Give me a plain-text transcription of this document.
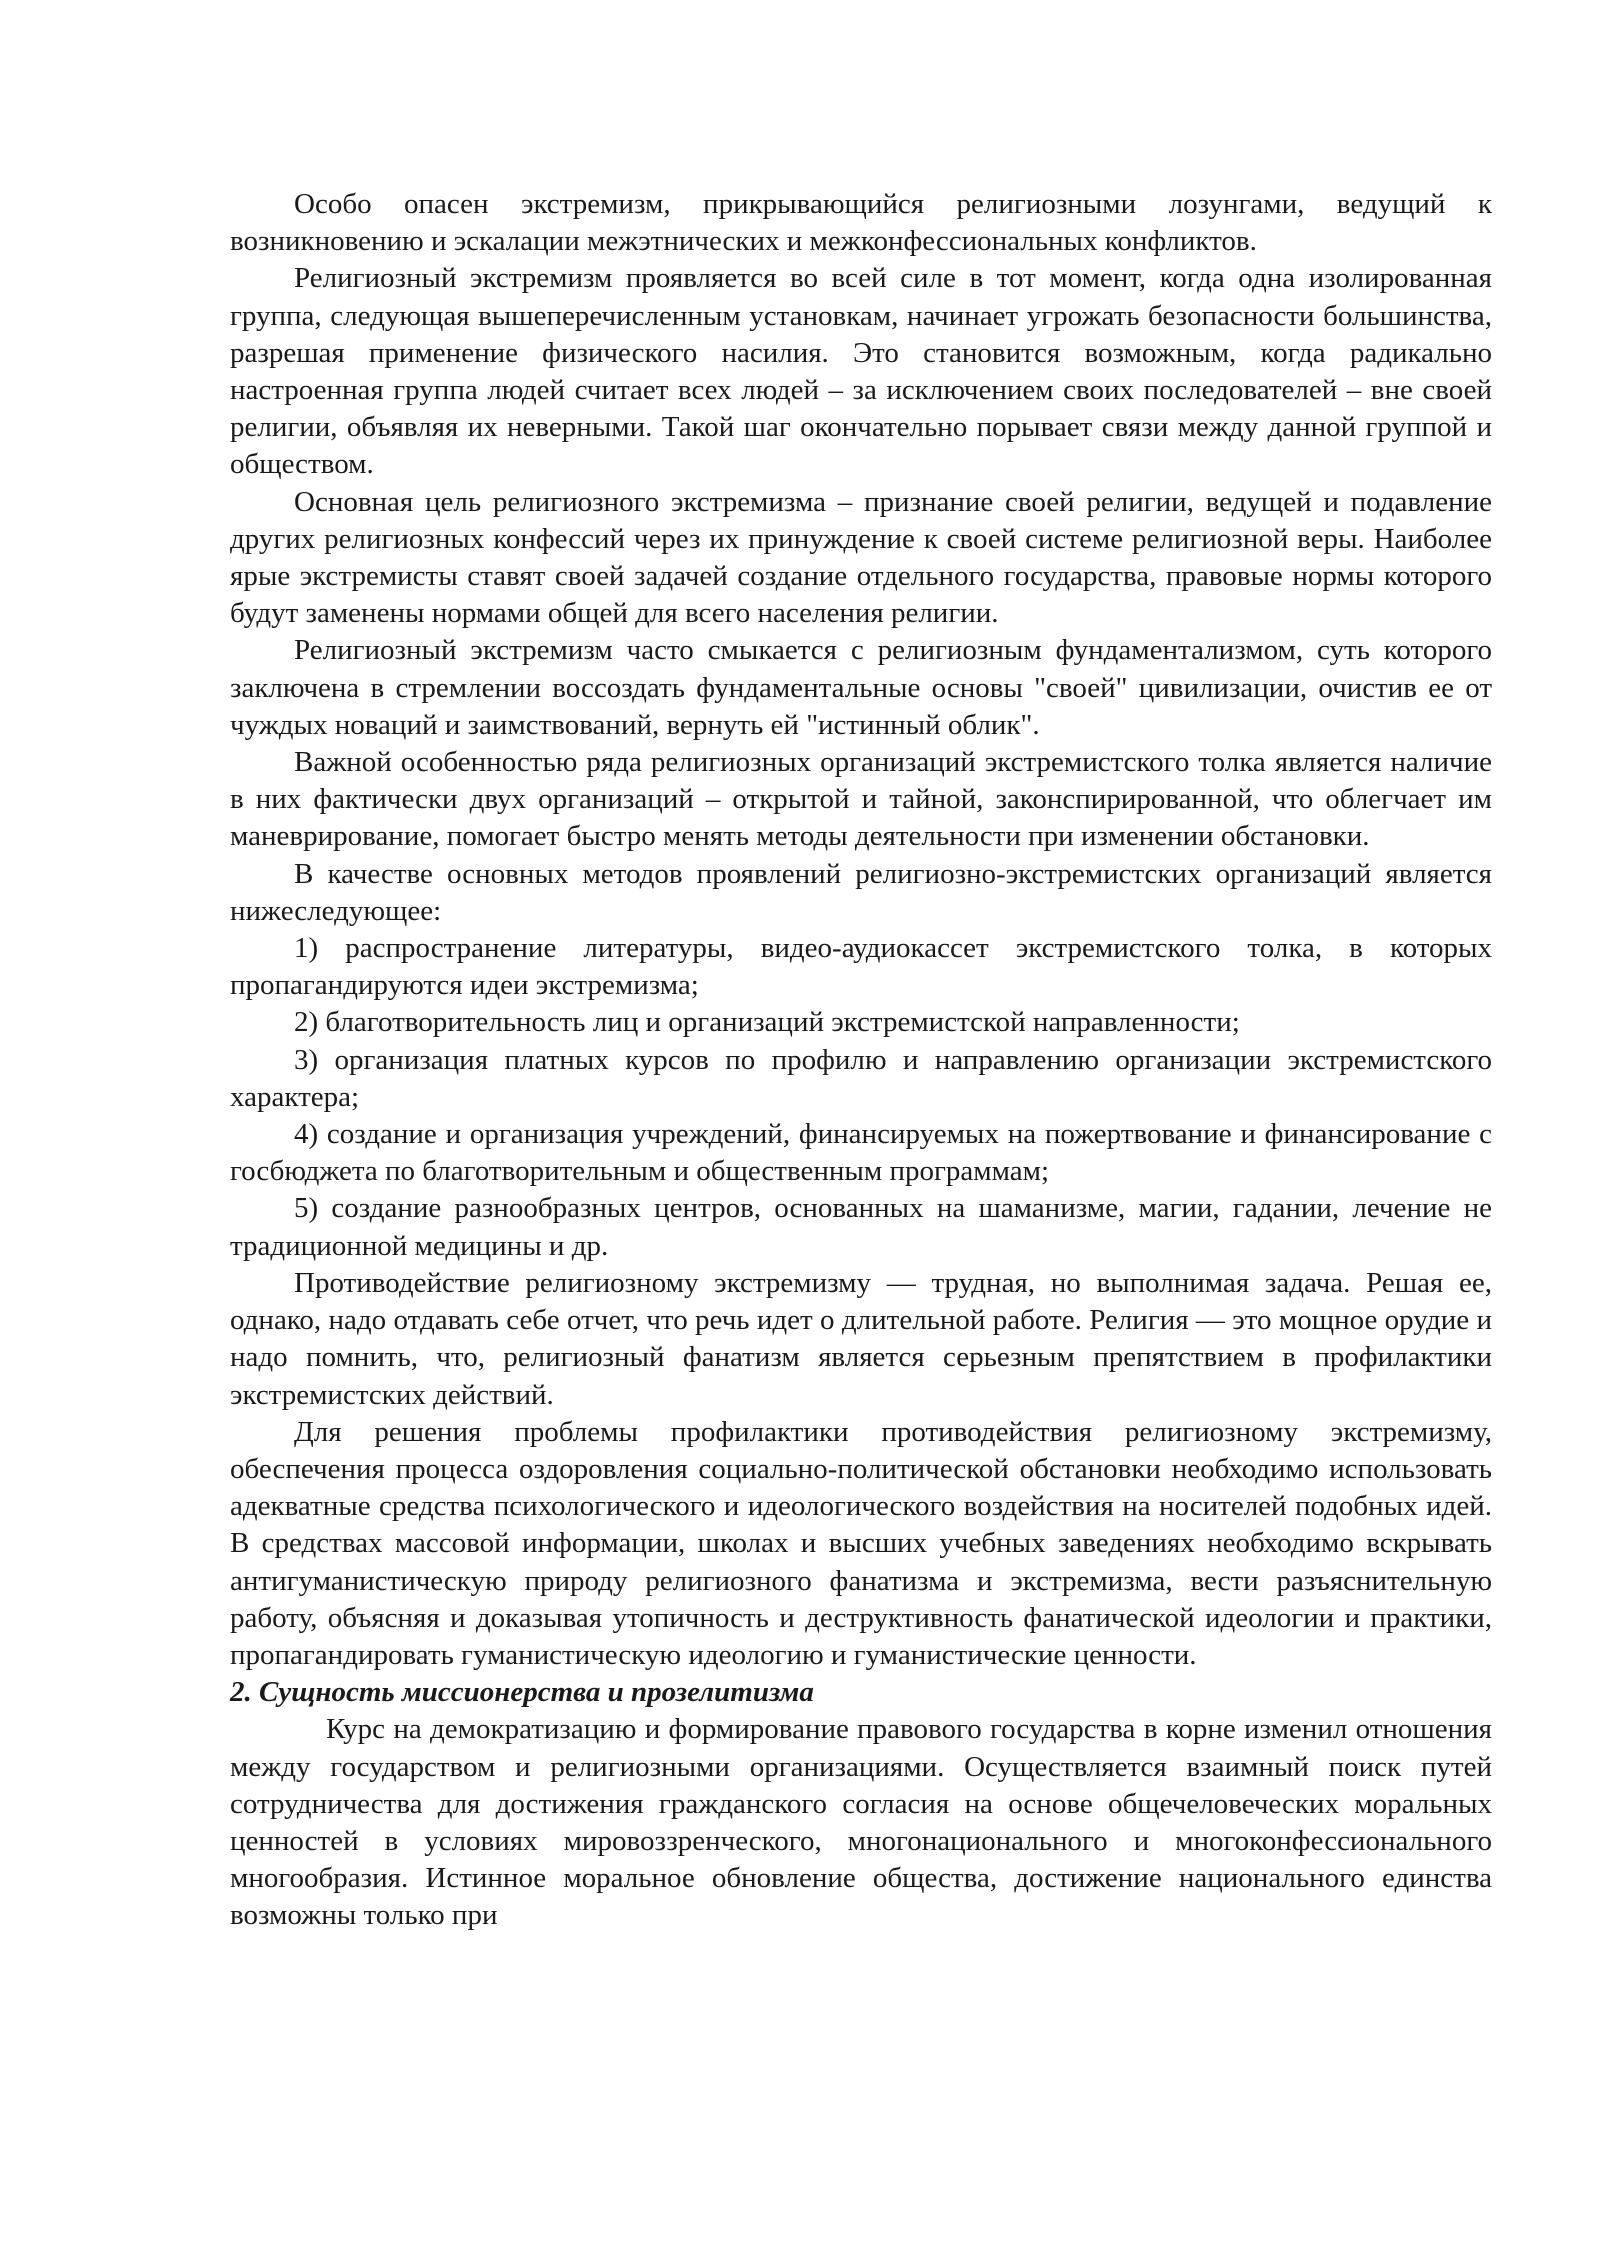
Особо опасен экстремизм, прикрывающийся религиозными лозунгами, ведущий к возникновению и эскалации межэтнических и межконфессиональных конфликтов.

Религиозный экстремизм проявляется во всей силе в тот момент, когда одна изолированная группа, следующая вышеперечисленным установкам, начинает угрожать безопасности большинства, разрешая применение физического насилия. Это становится возможным, когда радикально настроенная группа людей считает всех людей – за исключением своих последователей – вне своей религии, объявляя их неверными. Такой шаг окончательно порывает связи между данной группой и обществом.

Основная цель религиозного экстремизма – признание своей религии, ведущей и подавление других религиозных конфессий через их принуждение к своей системе религиозной веры. Наиболее ярые экстремисты ставят своей задачей создание отдельного государства, правовые нормы которого будут заменены нормами общей для всего населения религии.

Религиозный экстремизм часто смыкается с религиозным фундаментализмом, суть которого заключена в стремлении воссоздать фундаментальные основы "своей" цивилизации, очистив ее от чуждых новаций и заимствований, вернуть ей "истинный облик".

Важной особенностью ряда религиозных организаций экстремистского толка является наличие в них фактически двух организаций – открытой и тайной, законспирированной, что облегчает им маневрирование, помогает быстро менять методы деятельности при изменении обстановки.

В качестве основных методов проявлений религиозно-экстремистских организаций является нижеследующее:

1) распространение литературы, видео-аудиокассет экстремистского толка, в которых пропагандируются идеи экстремизма;

2) благотворительность лиц и организаций экстремистской направленности;

3) организация платных курсов по профилю и направлению организации экстремистского характера;

4) создание и организация учреждений, финансируемых на пожертвование и финансирование с госбюджета по благотворительным и общественным программам;

5) создание разнообразных центров, основанных на шаманизме, магии, гадании, лечение не традиционной медицины и др.

Противодействие религиозному экстремизму — трудная, но выполнимая задача. Решая ее, однако, надо отдавать себе отчет, что речь идет о длительной работе. Религия — это мощное орудие и надо помнить, что, религиозный фанатизм является серьезным препятствием в профилактики экстремистских действий.

Для решения проблемы профилактики противодействия религиозному экстремизму, обеспечения процесса оздоровления социально-политической обстановки необходимо использовать адекватные средства психологического и идеологического воздействия на носителей подобных идей. В средствах массовой информации, школах и высших учебных заведениях необходимо вскрывать антигуманистическую природу религиозного фанатизма и экстремизма, вести разъяснительную работу, объясняя и доказывая утопичность и деструктивность фанатической идеологии и практики, пропагандировать гуманистическую идеологию и гуманистические ценности.

2. Сущность миссионерства и прозелитизма

Курс на демократизацию и формирование правового государства в корне изменил отношения между государством и религиозными организациями. Осуществляется взаимный поиск путей сотрудничества для достижения гражданского согласия на основе общечеловеческих моральных ценностей в условиях мировоззренческого, многонационального и многоконфессионального многообразия. Истинное моральное обновление общества, достижение национального единства возможны только при
